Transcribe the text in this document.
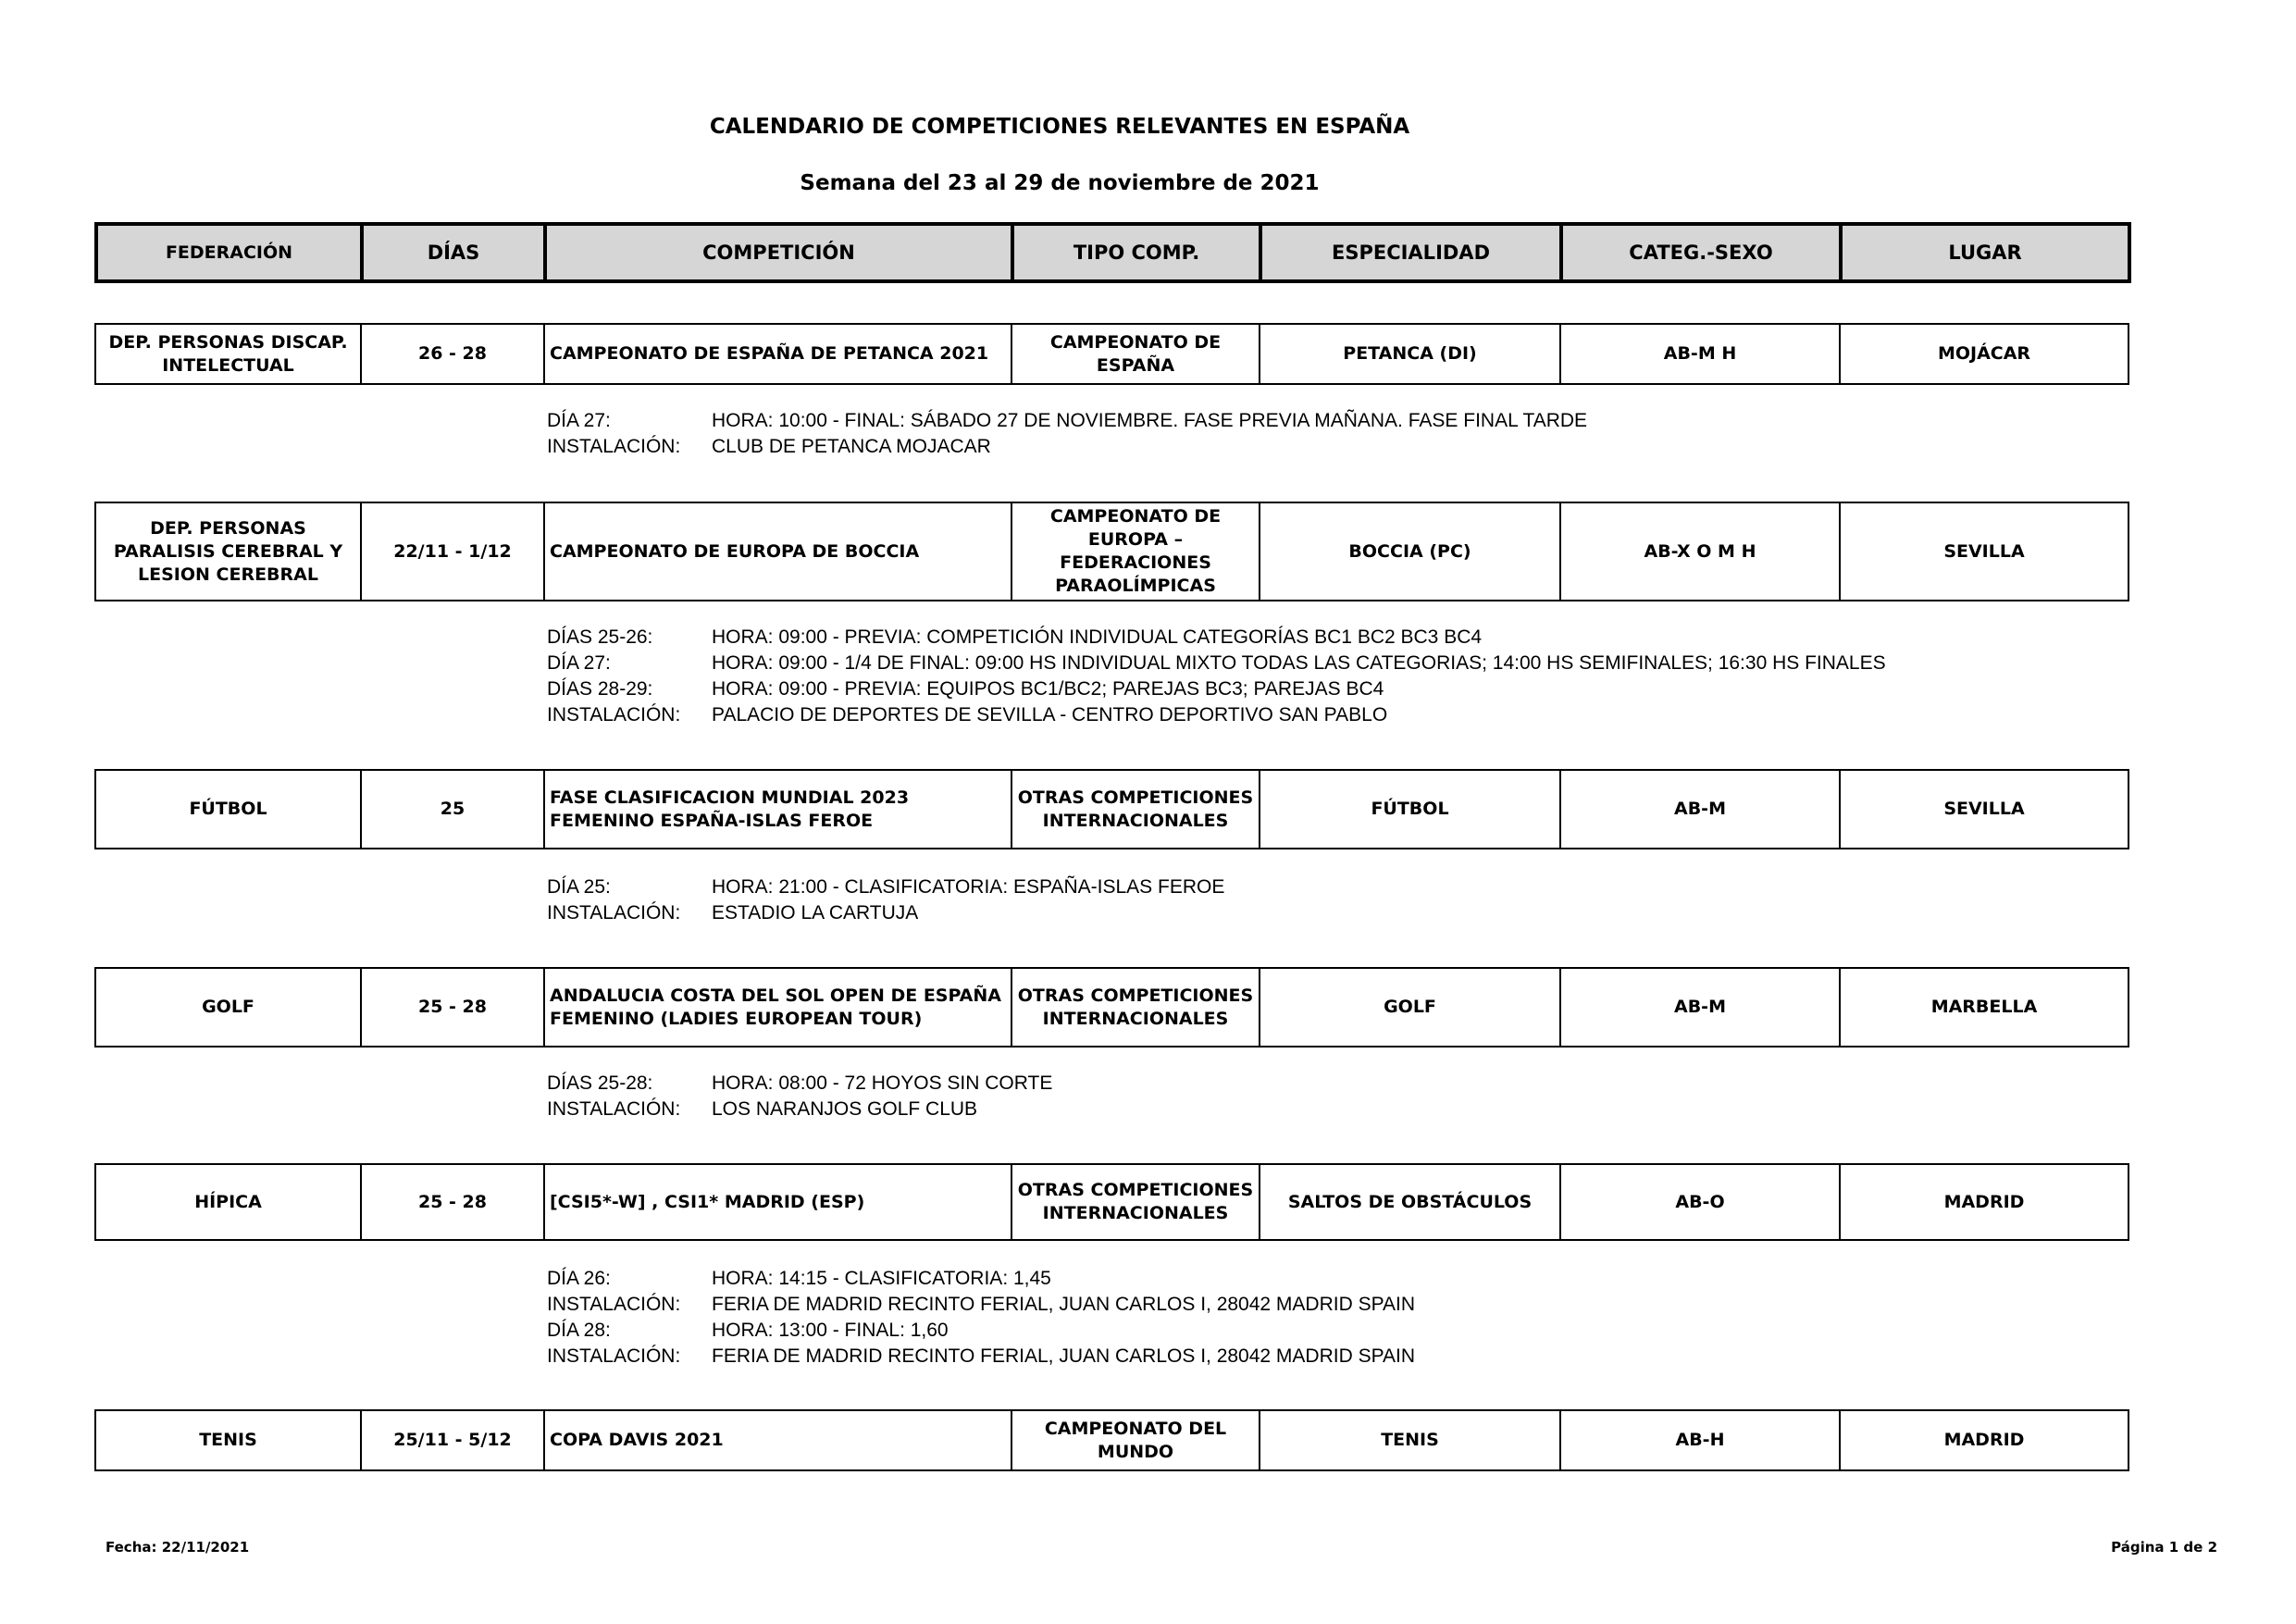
CALENDARIO DE COMPETICIONES RELEVANTES EN ESPAÑA
Semana del 23 al 29 de noviembre de 2021
FEDERACIÓN	DÍAS	COMPETICIÓN	TIPO COMP.	ESPECIALIDAD	CATEG.-SEXO	LUGAR
DEP. PERSONAS DISCAP. INTELECTUAL	26 - 28	CAMPEONATO DE ESPAÑA DE PETANCA 2021	CAMPEONATO DE ESPAÑA	PETANCA (DI)	AB-M H	MOJÁCAR
DÍA 27:	HORA: 10:00 - FINAL: SÁBADO 27 DE NOVIEMBRE. FASE PREVIA MAÑANA. FASE FINAL TARDE
INSTALACIÓN:	CLUB DE PETANCA MOJACAR
DEP. PERSONAS PARALISIS CEREBRAL Y LESION CEREBRAL	22/11 - 1/12	CAMPEONATO DE EUROPA DE BOCCIA	CAMPEONATO DE EUROPA – FEDERACIONES PARAOLÍMPICAS	BOCCIA (PC)	AB-X O M H	SEVILLA
DÍAS 25-26:	HORA: 09:00 - PREVIA: COMPETICIÓN INDIVIDUAL CATEGORÍAS BC1 BC2 BC3 BC4
DÍA 27:	HORA: 09:00 - 1/4 DE FINAL: 09:00 HS INDIVIDUAL MIXTO TODAS LAS CATEGORIAS; 14:00 HS SEMIFINALES; 16:30 HS FINALES
DÍAS 28-29:	HORA: 09:00 - PREVIA: EQUIPOS BC1/BC2; PAREJAS BC3; PAREJAS BC4
INSTALACIÓN:	PALACIO DE DEPORTES DE SEVILLA - CENTRO DEPORTIVO SAN PABLO
FÚTBOL	25	FASE CLASIFICACION MUNDIAL 2023 FEMENINO ESPAÑA-ISLAS FEROE	OTRAS COMPETICIONES INTERNACIONALES	FÚTBOL	AB-M	SEVILLA
DÍA 25:	HORA: 21:00 - CLASIFICATORIA: ESPAÑA-ISLAS FEROE
INSTALACIÓN:	ESTADIO LA CARTUJA
GOLF	25 - 28	ANDALUCIA COSTA DEL SOL OPEN DE ESPAÑA FEMENINO (LADIES EUROPEAN TOUR)	OTRAS COMPETICIONES INTERNACIONALES	GOLF	AB-M	MARBELLA
DÍAS 25-28:	HORA: 08:00 - 72 HOYOS SIN CORTE
INSTALACIÓN:	LOS NARANJOS GOLF CLUB
HÍPICA	25 - 28	[CSI5*-W] , CSI1* MADRID (ESP)	OTRAS COMPETICIONES INTERNACIONALES	SALTOS DE OBSTÁCULOS	AB-O	MADRID
DÍA 26:	HORA: 14:15 - CLASIFICATORIA: 1,45
INSTALACIÓN:	FERIA DE MADRID RECINTO FERIAL, JUAN CARLOS I, 28042 MADRID SPAIN
DÍA 28:	HORA: 13:00 - FINAL: 1,60
INSTALACIÓN:	FERIA DE MADRID RECINTO FERIAL, JUAN CARLOS I, 28042 MADRID SPAIN
TENIS	25/11 - 5/12	COPA DAVIS 2021	CAMPEONATO DEL MUNDO	TENIS	AB-H	MADRID
Fecha: 22/11/2021	Página 1 de 2
